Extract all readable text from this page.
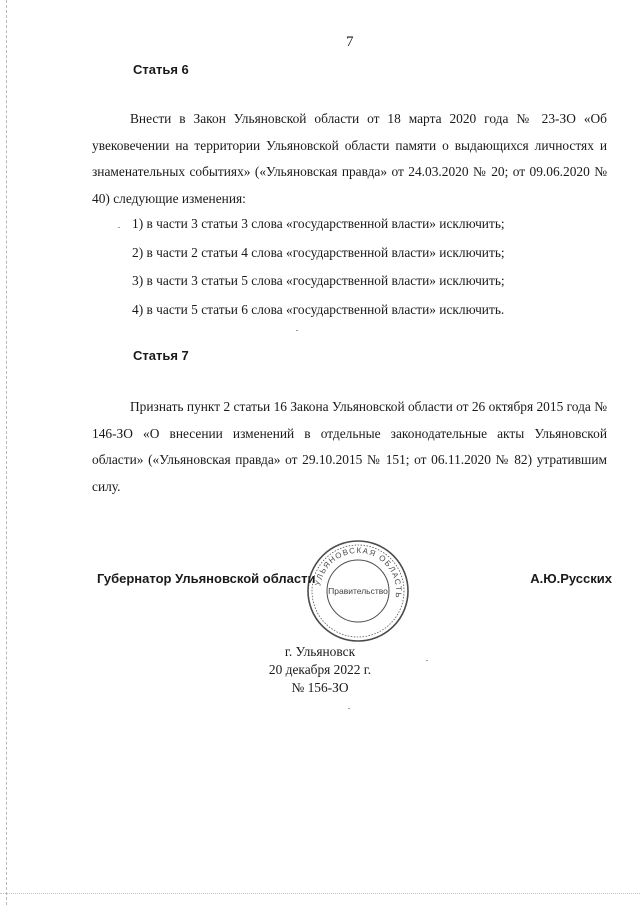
7
Статья 6

Внести в Закон Ульяновской области от 18 марта 2020 года № 23-ЗО «Об увековечении на территории Ульяновской области памяти о выдающихся личностях и знаменательных событиях» («Ульяновская правда» от 24.03.2020 № 20; от 09.06.2020 № 40) следующие изменения:

1) в части 3 статьи 3 слова «государственной власти» исключить;
2) в части 2 статьи 4 слова «государственной власти» исключить;
3) в части 3 статьи 5 слова «государственной власти» исключить;
4) в части 5 статьи 6 слова «государственной власти» исключить.
Статья 7

Признать пункт 2 статьи 16 Закона Ульяновской области от 26 октября 2015 года № 146-ЗО «О внесении изменений в отдельные законодательные акты Ульяновской области» («Ульяновская правда» от 29.10.2015 № 151; от 06.11.2020 № 82) утратившим силу.

Губернатор Ульяновской области	А.Ю.Русских
УЛЬЯНОВСКАЯ ОБЛАСТЬ
Правительство
г. Ульяновск
20 декабря 2022 г.
№ 156-ЗО
